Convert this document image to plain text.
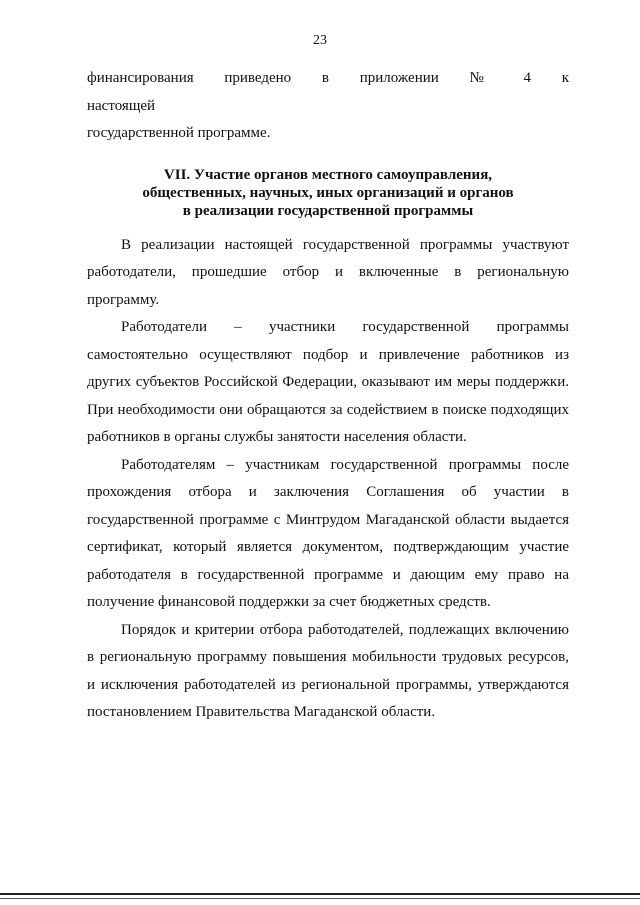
23
финансирования приведено в приложении № 4 к настоящей
государственной программе.
VII. Участие органов местного самоуправления,
общественных, научных, иных организаций и органов
в реализации государственной программы

В реализации настоящей государственной программы участвуют работодатели, прошедшие отбор и включенные в региональную программу.

Работодатели – участники государственной программы самостоятельно осуществляют подбор и привлечение работников из других субъектов Российской Федерации, оказывают им меры поддержки. При необходимости они обращаются за содействием в поиске подходящих работников в органы службы занятости населения области.

Работодателям – участникам государственной программы после прохождения отбора и заключения Соглашения об участии в государственной программе с Минтрудом Магаданской области выдается сертификат, который является документом, подтверждающим участие работодателя в государственной программе и дающим ему право на получение финансовой поддержки за счет бюджетных средств.

Порядок и критерии отбора работодателей, подлежащих включению в региональную программу повышения мобильности трудовых ресурсов, и исключения работодателей из региональной программы, утверждаются постановлением Правительства Магаданской области.
